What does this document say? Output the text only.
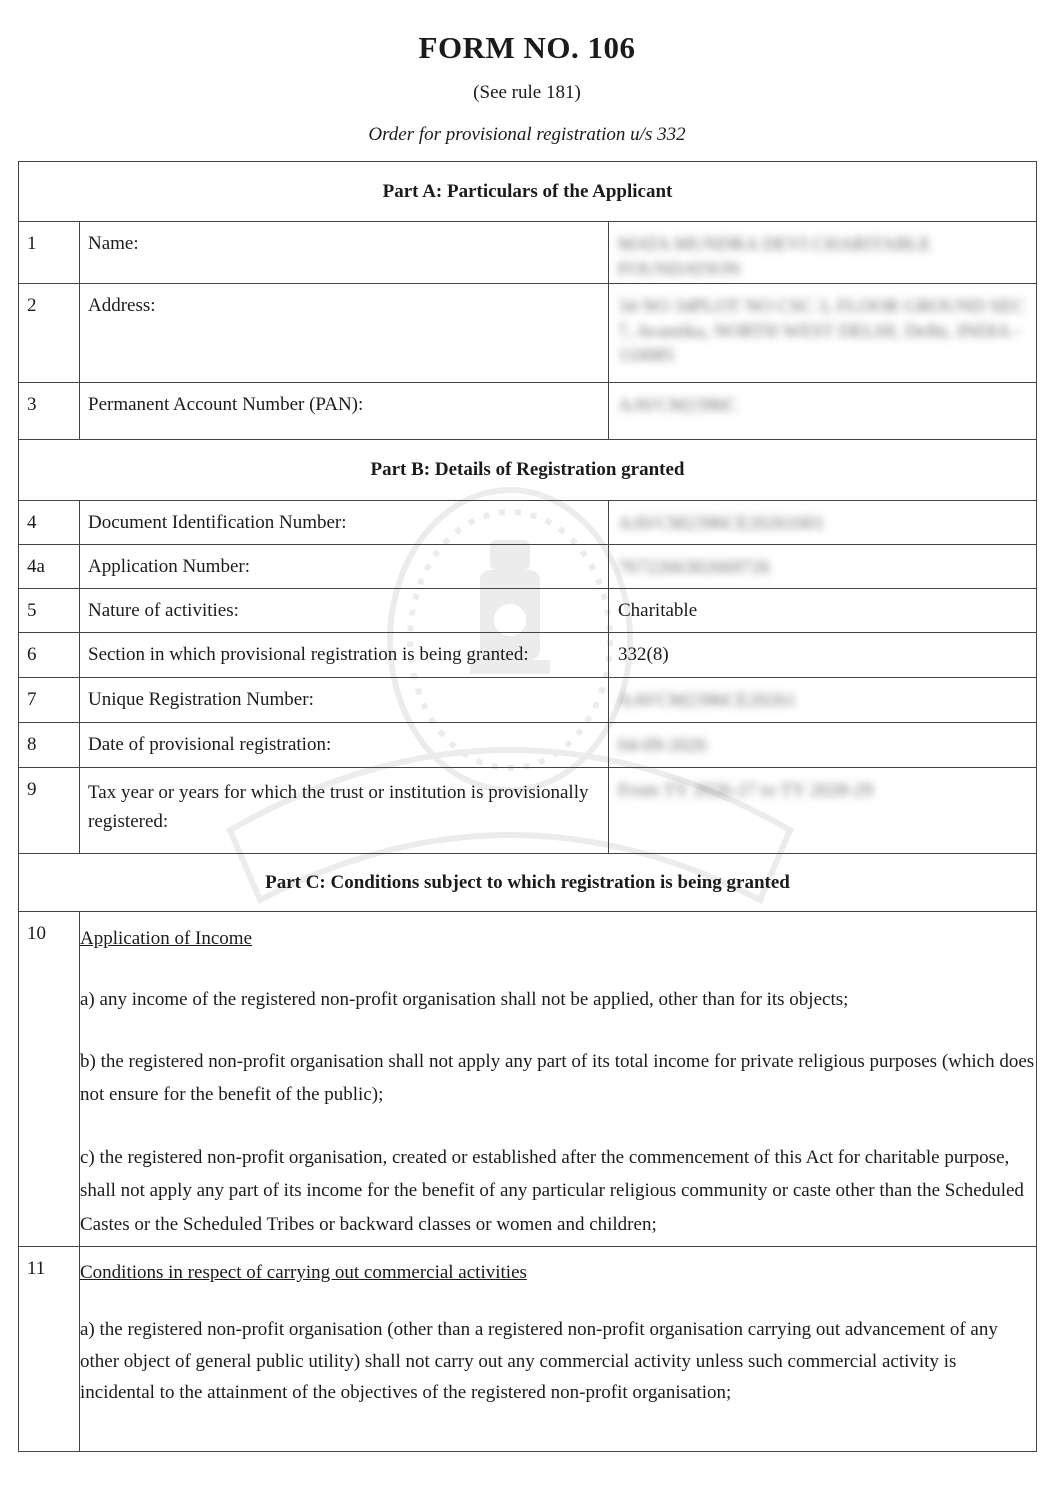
FORM NO. 106
(See rule 181)
Order for provisional registration u/s 332
Part A: Particulars of the Applicant		
1	Name:	MATA MUNDRA DEVI CHARITABLE FOUNDATION

2	Address:	34 NO 34PLOT NO CSC 3, FLOOR GROUND SEC 7, Avantika, NORTH WEST DELHI, Delhi, INDIA - 110085

3	Permanent Account Number (PAN):	AAVCM2396C

Part B: Details of Registration granted		
4	Document Identification Number:	AAVCM2396CE20261001

4a	Application Number:	7672266302669726

5	Nature of activities:	Charitable
6	Section in which provisional registration is being granted:	332(8)
7	Unique Registration Number:	AAVCM2396CE20261

8	Date of provisional registration:	04-09-2026

9	Tax year or years for which the trust or institution is provisionally registered:	From TY 2026-27 to TY 2028-29

Part C: Conditions subject to which registration is being granted		
10	Application of Income

a) any income of the registered non-profit organisation shall not be applied, other than for its objects;

b) the registered non-profit organisation shall not apply any part of its total income for private religious purposes (which does not ensure for the benefit of the public);

c) the registered non-profit organisation, created or established after the commencement of this Act for charitable purpose, shall not apply any part of its income for the benefit of any particular religious community or caste other than the Scheduled Castes or the Scheduled Tribes or backward classes or women and children;	

11	Conditions in respect of carrying out commercial activities

a) the registered non-profit organisation (other than a registered non-profit organisation carrying out advancement of any other object of general public utility) shall not carry out any commercial activity unless such commercial activity is incidental to the attainment of the objectives of the registered non-profit organisation;	
